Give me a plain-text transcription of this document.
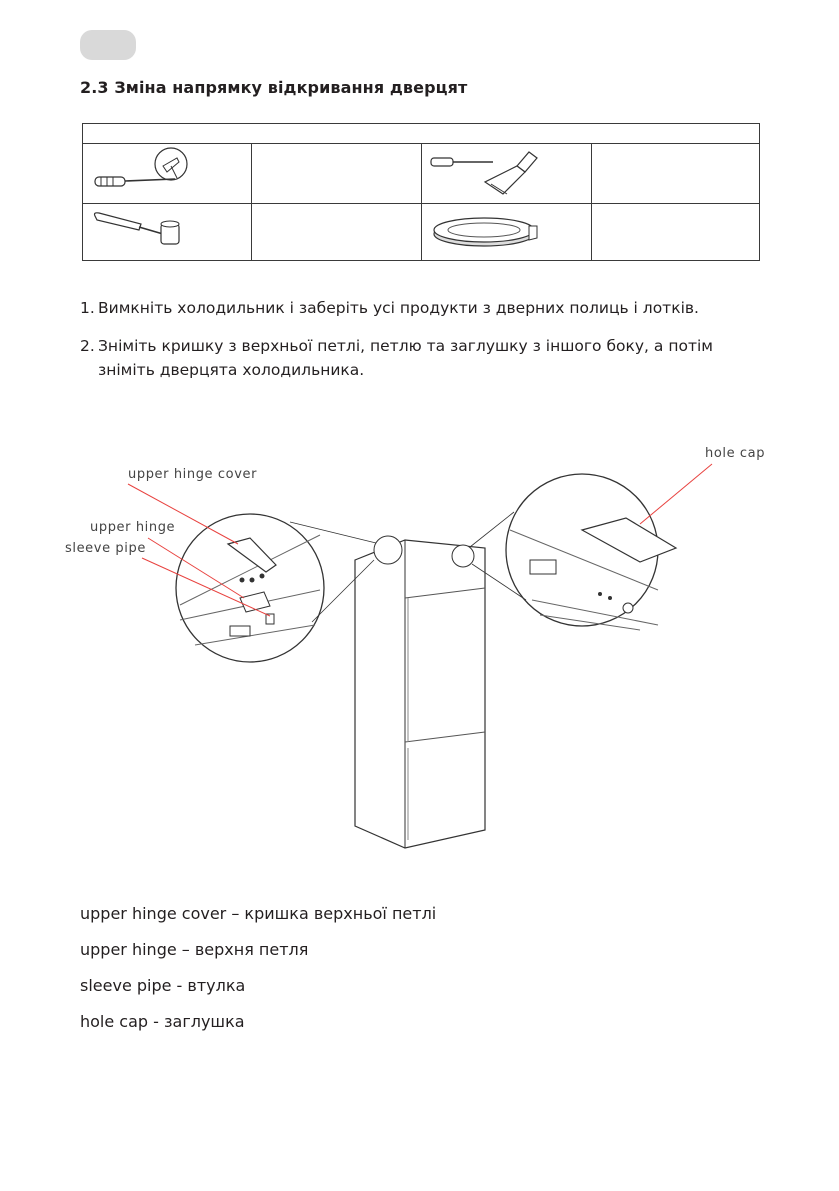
2.3 Зміна напрямку відкривання дверцят

1. Вимкніть холодильник і заберіть усі продукти з дверних полиць і лотків.

2. Зніміть кришку з верхньої петлі, петлю та заглушку з іншого боку, а потім
зніміть дверцята холодильника.

upper hinge cover
upper hinge
sleeve pipe
hole cap

upper hinge cover – кришка верхньої петлі

upper hinge – верхня петля

sleeve pipe - втулка

hole cap - заглушка
